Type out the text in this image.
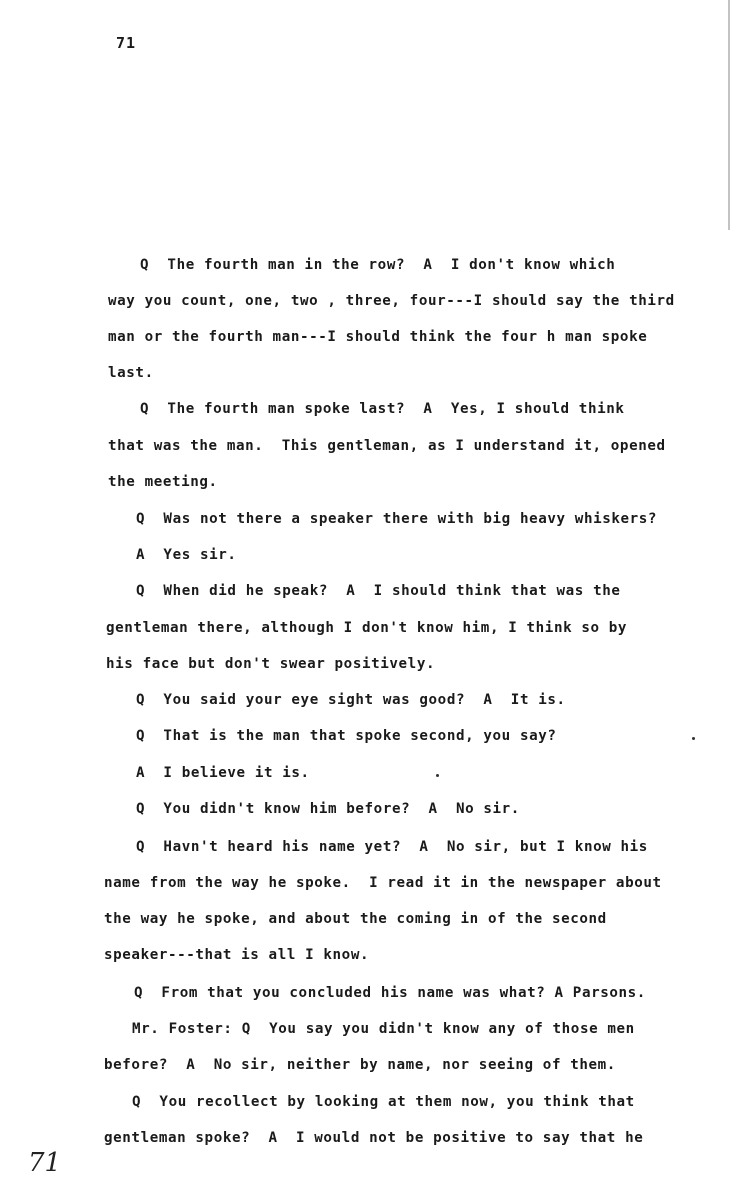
71
Q  The fourth man in the row?  A  I don't know which
way you count, one, two , three, four---I should say the third
man or the fourth man---I should think the four h man spoke
last.
Q  The fourth man spoke last?  A  Yes, I should think
that was the man.  This gentleman, as I understand it, opened
the meeting.
Q  Was not there a speaker there with big heavy whiskers?
A  Yes sir.
Q  When did he speak?  A  I should think that was the
gentleman there, although I don't know him, I think so by
his face but don't swear positively.
Q  You said your eye sight was good?  A  It is.
Q  That is the man that spoke second, you say?
A  I believe it is.
Q  You didn't know him before?  A  No sir.
Q  Havn't heard his name yet?  A  No sir, but I know his
name from the way he spoke.  I read it in the newspaper about
the way he spoke, and about the coming in of the second
speaker---that is all I know.
Q  From that you concluded his name was what? A Parsons.
Mr. Foster: Q  You say you didn't know any of those men
before?  A  No sir, neither by name, nor seeing of them.
Q  You recollect by looking at them now, you think that
gentleman spoke?  A  I would not be positive to say that he
71
